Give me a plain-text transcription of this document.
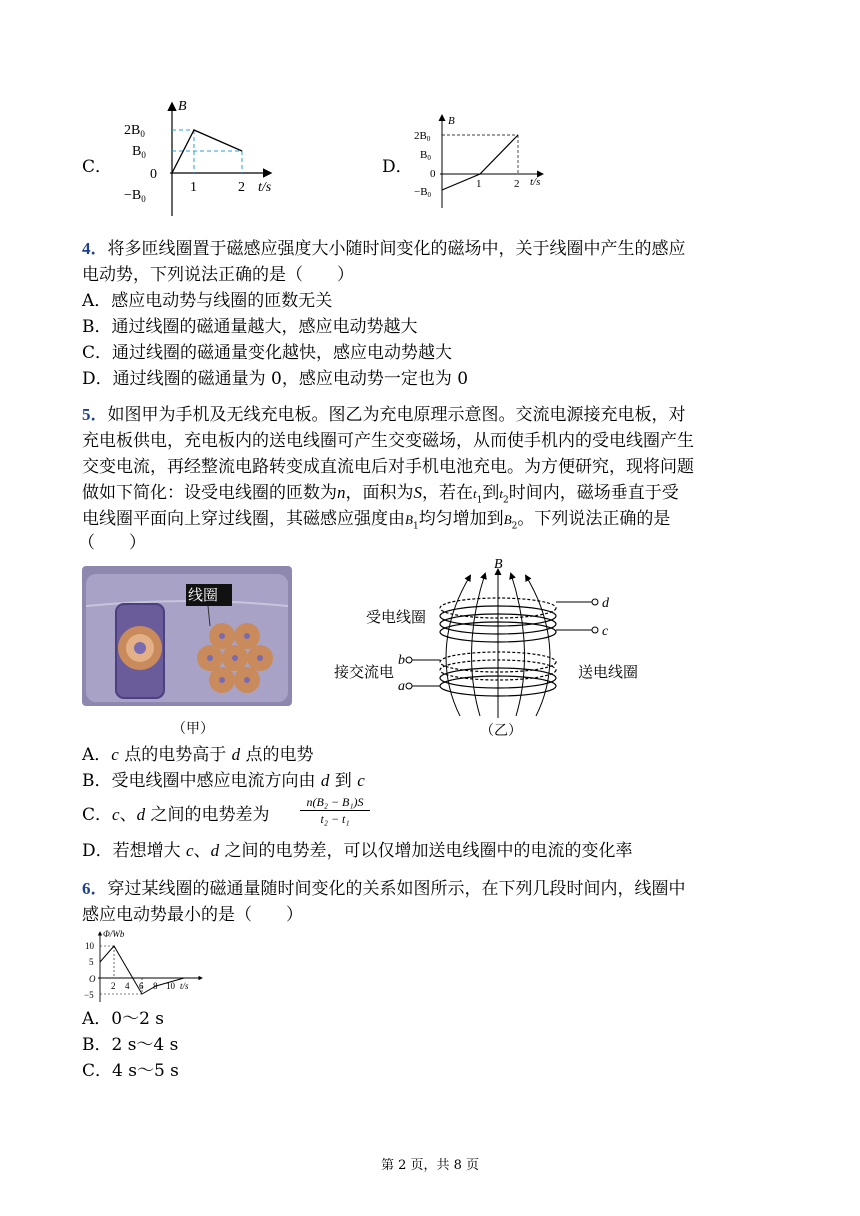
C．
B
$2B_0$
$B_0$
0
$-B_0$
1	2 t/s
D．
B
2B0
B0
0
−B0
1	2 t/s
4．将多匝线圈置于磁感应强度大小随时间变化的磁场中，关于线圈中产生的感应
电动势，下列说法正确的是（　　）
A．感应电动势与线圈的匝数无关
B．通过线圈的磁通量越大，感应电动势越大
C．通过线圈的磁通量变化越快，感应电动势越大
D．通过线圈的磁通量为 0，感应电动势一定也为 0
5．如图甲为手机及无线充电板。图乙为充电原理示意图。交流电源接充电板，对
充电板供电，充电板内的送电线圈可产生交变磁场，从而使手机内的受电线圈产生
交变电流，再经整流电路转变成直流电后对手机电池充电。为方便研究，现将问题
做如下简化：设受电线圈的匝数为n，面积为S，若在$t_1$到$t_2$时间内，磁场垂直于受
电线圈平面向上穿过线圈，其磁感应强度由$B_1$均匀增加到$B_2$。下列说法正确的是
（　　）
线圈
（甲）
B
d
c
b
a
受电线圈
接交流电	送电线圈
（乙）
A．c 点的电势高于 d 点的电势
B．受电线圈中感应电流方向由 d 到 c
C．c、d 之间的电势差为	$\frac{\text{n(B₂ − B₁)S}}{\text{t₂ − t₁}}$
D．若想增大 c、d 之间的电势差，可以仅增加送电线圈中的电流的变化率
6．穿过某线圈的磁通量随时间变化的关系如图所示，在下列几段时间内，线圈中
感应电动势最小的是（　　）
Φ/Wb
10
5
O
−5
2 4 6 8 10 t/s
A．0～2 s
B．2 s～4 s
C．4 s～5 s
第 2 页，共 8 页
